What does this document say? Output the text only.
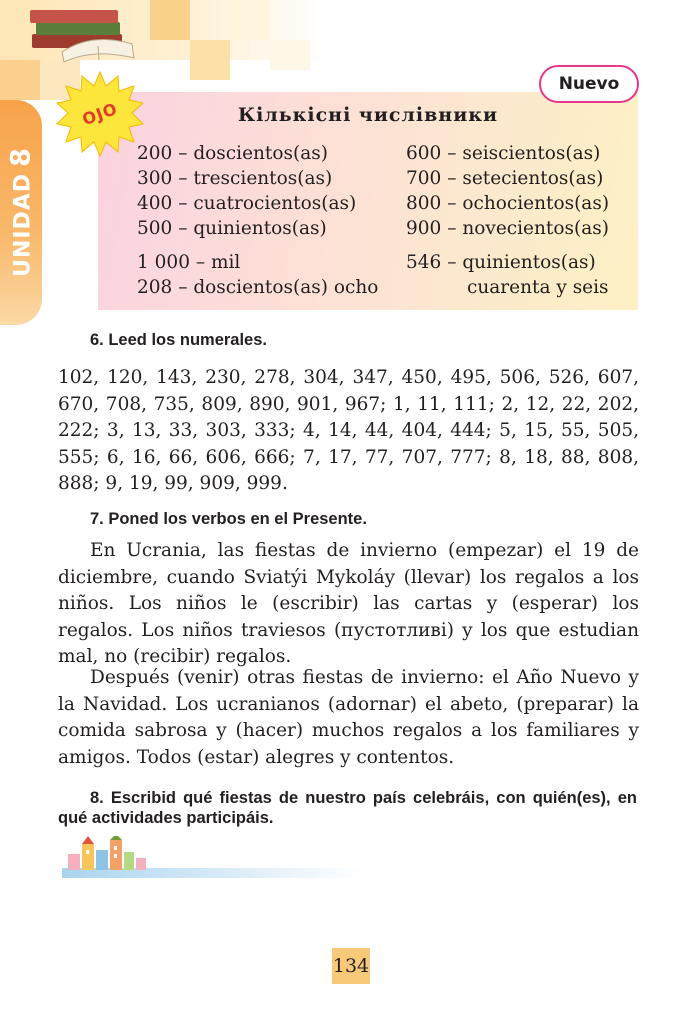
UNIDAD8
OJO
Nuevo
Кількісні числівники
200 – doscientos(as)
300 – trescientos(as)
400 – cuatrocientos(as)
500 – quinientos(as)
1 000 – mil
208 – doscientos(as) ocho
600 – seiscientos(as)
700 – setecientos(as)
800 – ochocientos(as)
900 – novecientos(as)
546 – quinientos(as)
cuarenta y seis
6. Leed los numerales.
102, 120, 143, 230, 278, 304, 347, 450, 495, 506, 526, 607, 670, 708, 735, 809, 890, 901, 967; 1, 11, 111; 2, 12, 22, 202, 222; 3, 13, 33, 303, 333; 4, 14, 44, 404, 444; 5, 15, 55, 505, 555; 6, 16, 66, 606, 666; 7, 17, 77, 707, 777; 8, 18, 88, 808, 888; 9, 19, 99, 909, 999.
7. Poned los verbos en el Presente.
En Ucrania, las fiestas de invierno (empezar) el 19 de diciembre, cuando Sviatýi Mykoláy (llevar) los regalos a los niños. Los niños le (escribir) las cartas y (esperar) los regalos. Los niños traviesos (пустотливі) y los que estudian mal, no (recibir) regalos.
Después (venir) otras fiestas de invierno: el Año Nuevo y la Navidad. Los ucranianos (adornar) el abeto, (preparar) la comida sabrosa y (hacer) muchos regalos a los familiares y amigos. Todos (estar) alegres y contentos.
8. Escribid qué fiestas de nuestro país celebráis, con quién(es), en qué actividades participáis.
134
